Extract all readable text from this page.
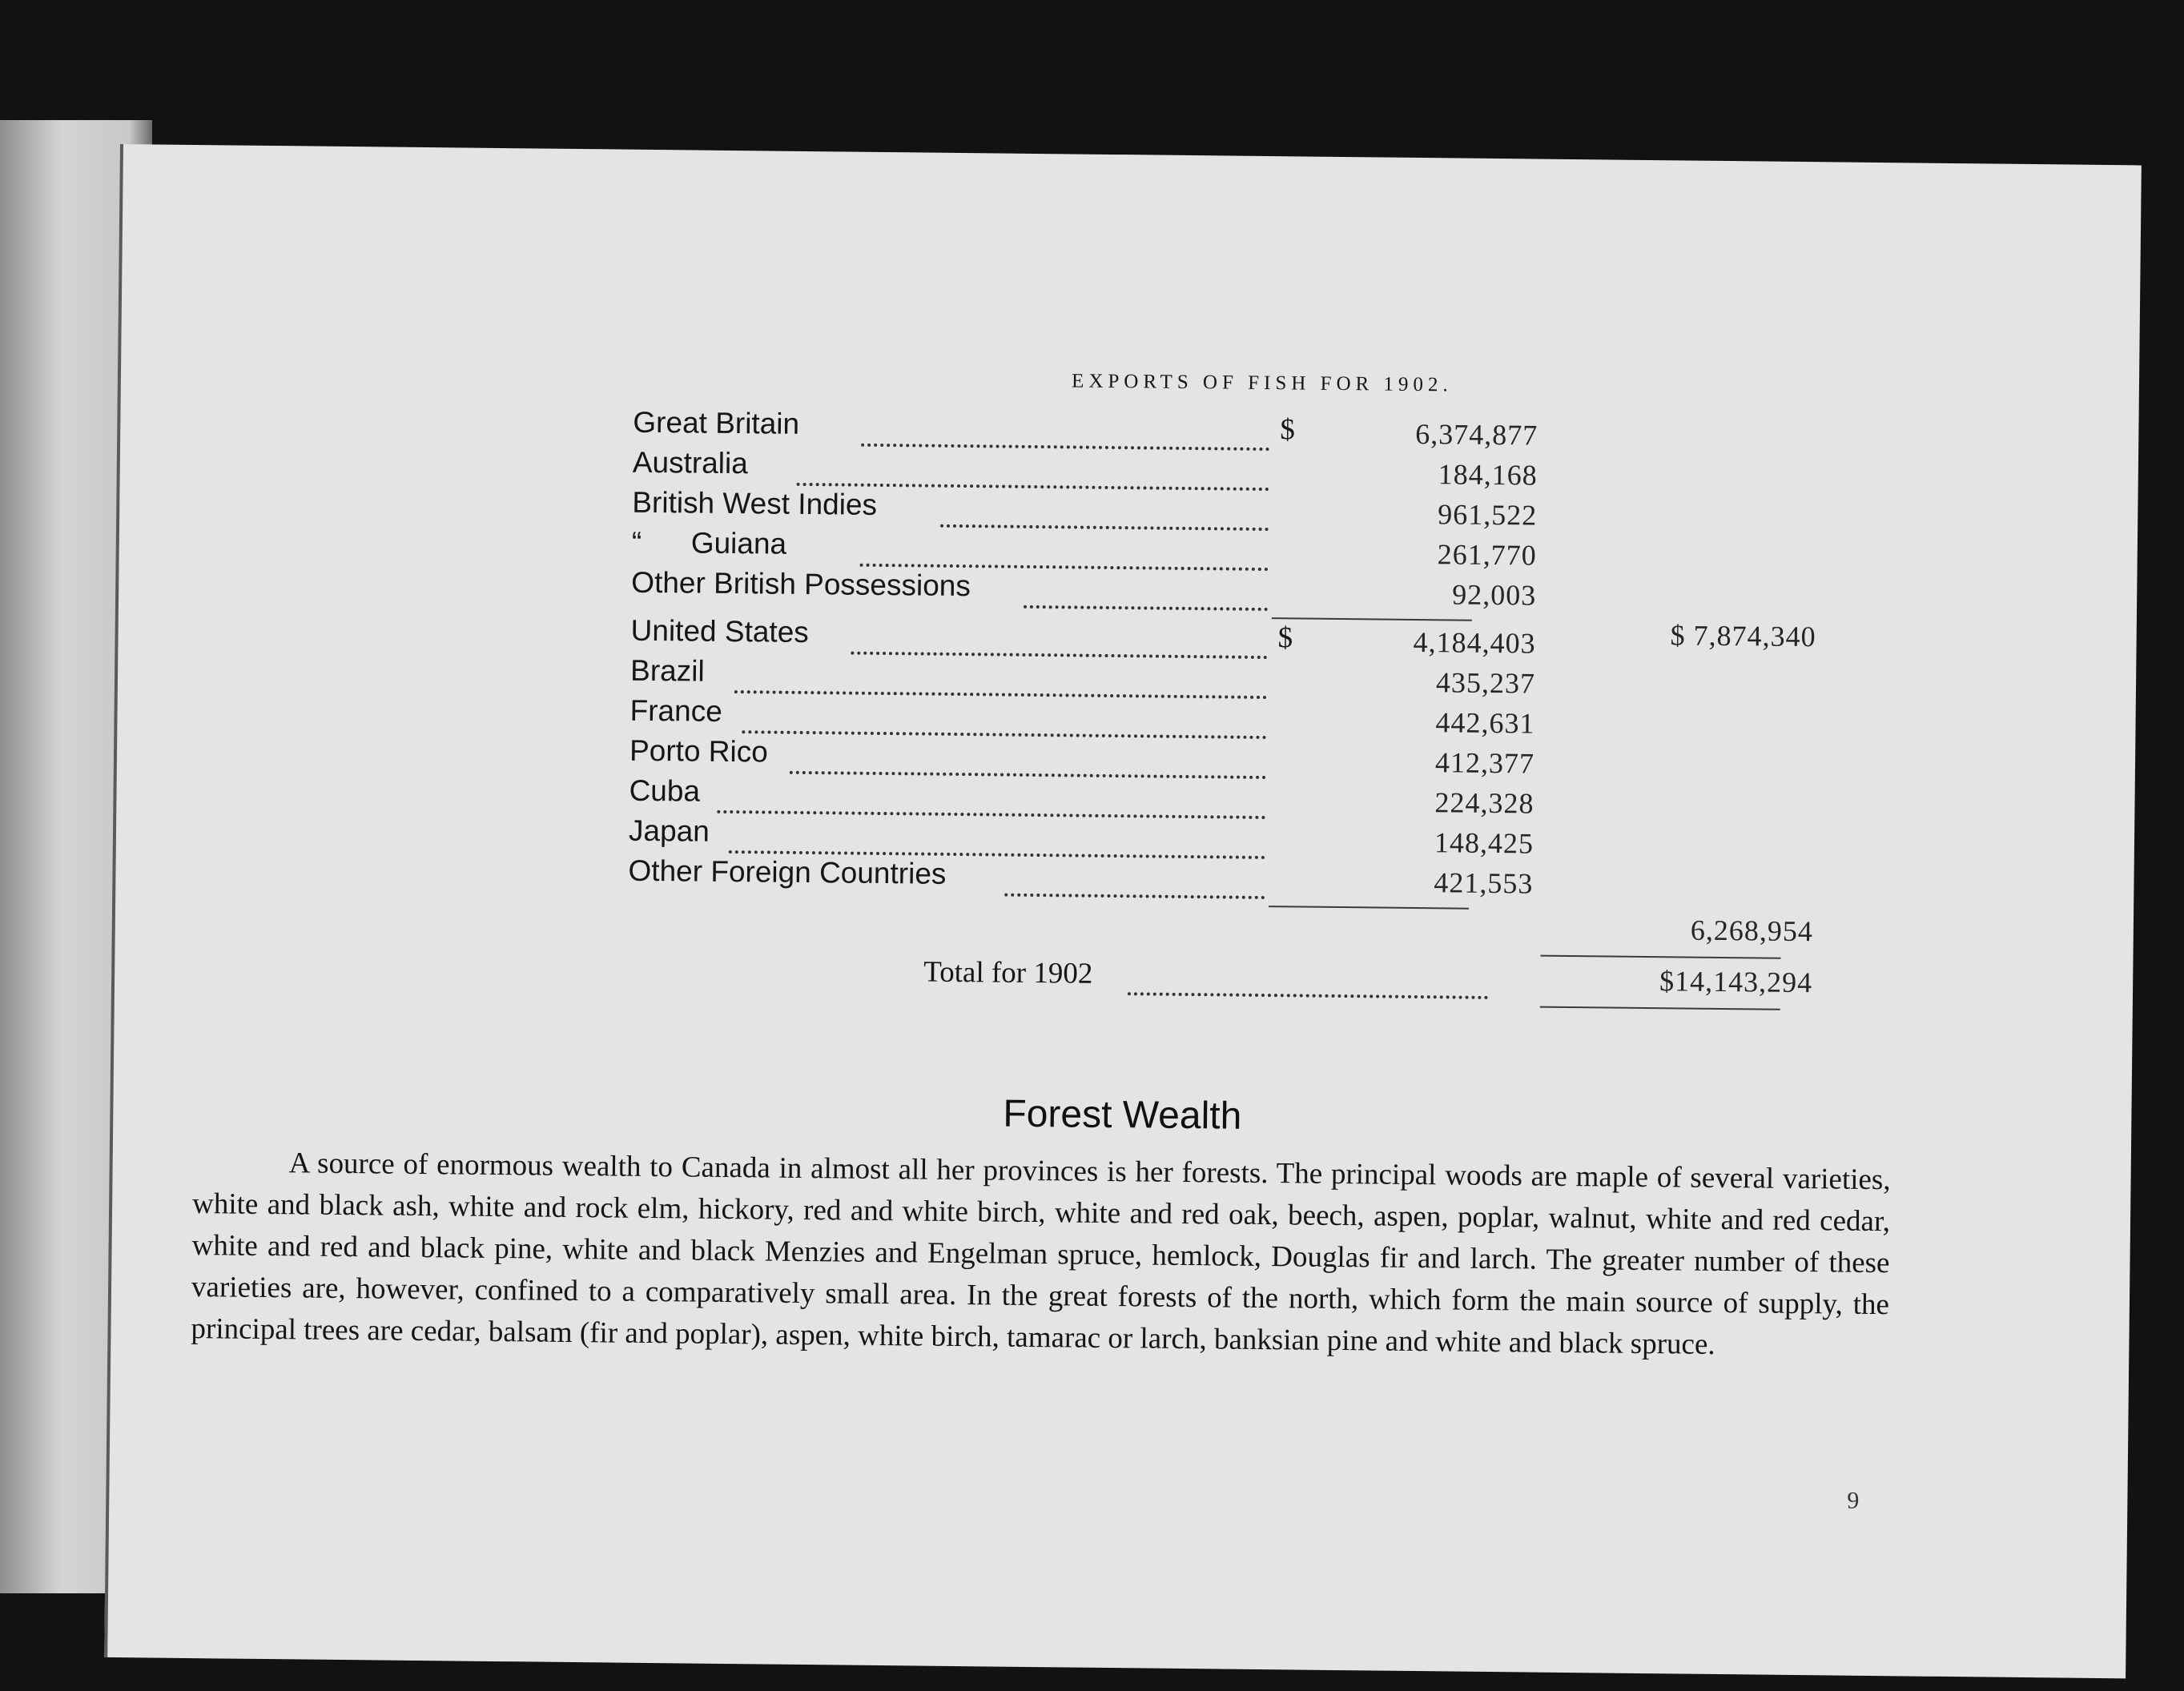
EXPORTS OF FISH FOR 1902.
Great Britain	$	6,374,877
Australia	184,168
British West Indies	961,522
“      Guiana	261,770
Other British Possessions	92,003
$ 7,874,340
United States	$	4,184,403
Brazil	435,237
France	442,631
Porto Rico	412,377
Cuba	224,328
Japan	148,425
Other Foreign Countries	421,553
6,268,954
Total for 1902	$14,143,294
Forest Wealth
A source of enormous wealth to Canada in almost all her provinces is her forests. The principal woods are maple of several varieties, white and black ash, white and rock elm, hickory, red and white birch, white and red oak, beech, aspen, poplar, walnut, white and red cedar, white and red and black pine, white and black Menzies and Engelman spruce, hemlock, Douglas fir and larch. The greater number of these varieties are, however, confined to a comparatively small area. In the great forests of the north, which form the main source of supply, the principal trees are cedar, balsam (fir and poplar), aspen, white birch, tamarac or larch, banksian pine and white and black spruce.
9
